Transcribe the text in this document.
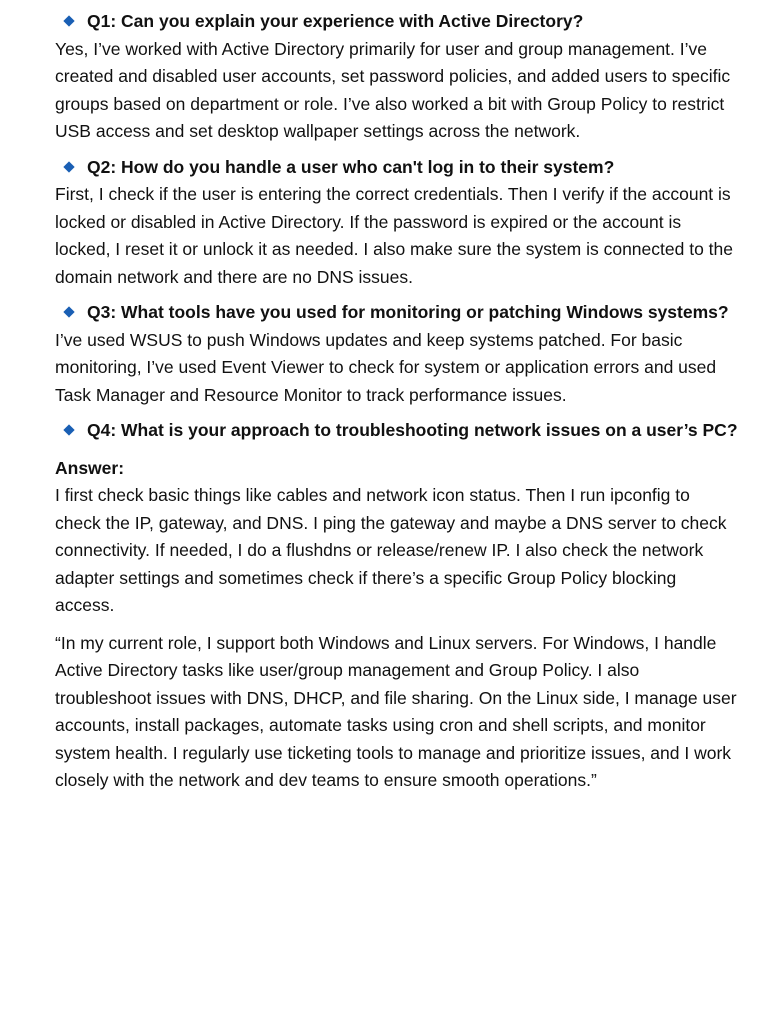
Q1: Can you explain your experience with Active Directory?

Yes, I’ve worked with Active Directory primarily for user and group management. I’ve created and disabled user accounts, set password policies, and added users to specific groups based on department or role. I’ve also worked a bit with Group Policy to restrict USB access and set desktop wallpaper settings across the network.

Q2: How do you handle a user who can't log in to their system?

First, I check if the user is entering the correct credentials. Then I verify if the account is locked or disabled in Active Directory. If the password is expired or the account is locked, I reset it or unlock it as needed. I also make sure the system is connected to the domain network and there are no DNS issues.

Q3: What tools have you used for monitoring or patching Windows systems?

I’ve used WSUS to push Windows updates and keep systems patched. For basic monitoring, I’ve used Event Viewer to check for system or application errors and used Task Manager and Resource Monitor to track performance issues.

Q4: What is your approach to troubleshooting network issues on a user’s PC?

Answer:

I first check basic things like cables and network icon status. Then I run ipconfig to check the IP, gateway, and DNS. I ping the gateway and maybe a DNS server to check connectivity. If needed, I do a flushdns or release/renew IP. I also check the network adapter settings and sometimes check if there’s a specific Group Policy blocking access.

“In my current role, I support both Windows and Linux servers. For Windows, I handle Active Directory tasks like user/group management and Group Policy. I also troubleshoot issues with DNS, DHCP, and file sharing. On the Linux side, I manage user accounts, install packages, automate tasks using cron and shell scripts, and monitor system health. I regularly use ticketing tools to manage and prioritize issues, and I work closely with the network and dev teams to ensure smooth operations.”
